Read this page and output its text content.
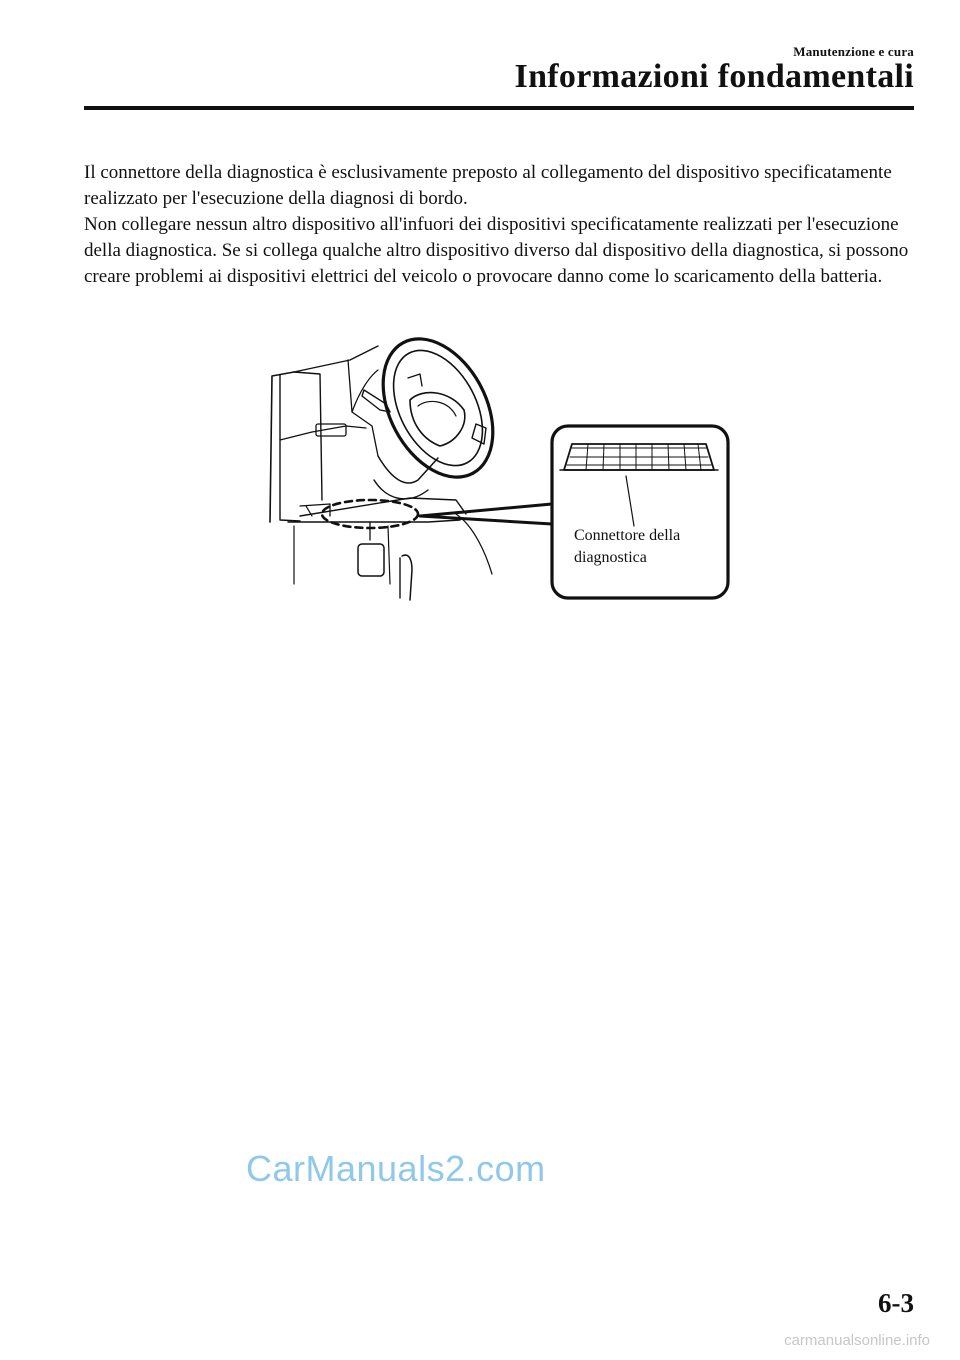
Manutenzione e cura
Informazioni fondamentali

Il connettore della diagnostica è esclusivamente preposto al collegamento del dispositivo specificatamente realizzato per l'esecuzione della diagnosi di bordo.

Non collegare nessun altro dispositivo all'infuori dei dispositivi specificatamente realizzati per l'esecuzione della diagnostica. Se si collega qualche altro dispositivo diverso dal dispositivo della diagnostica, si possono creare problemi ai dispositivi elettrici del veicolo o provocare danno come lo scaricamento della batteria.

Connettore della
diagnostica
CarManuals2.com
6-3
carmanualsonline.info
